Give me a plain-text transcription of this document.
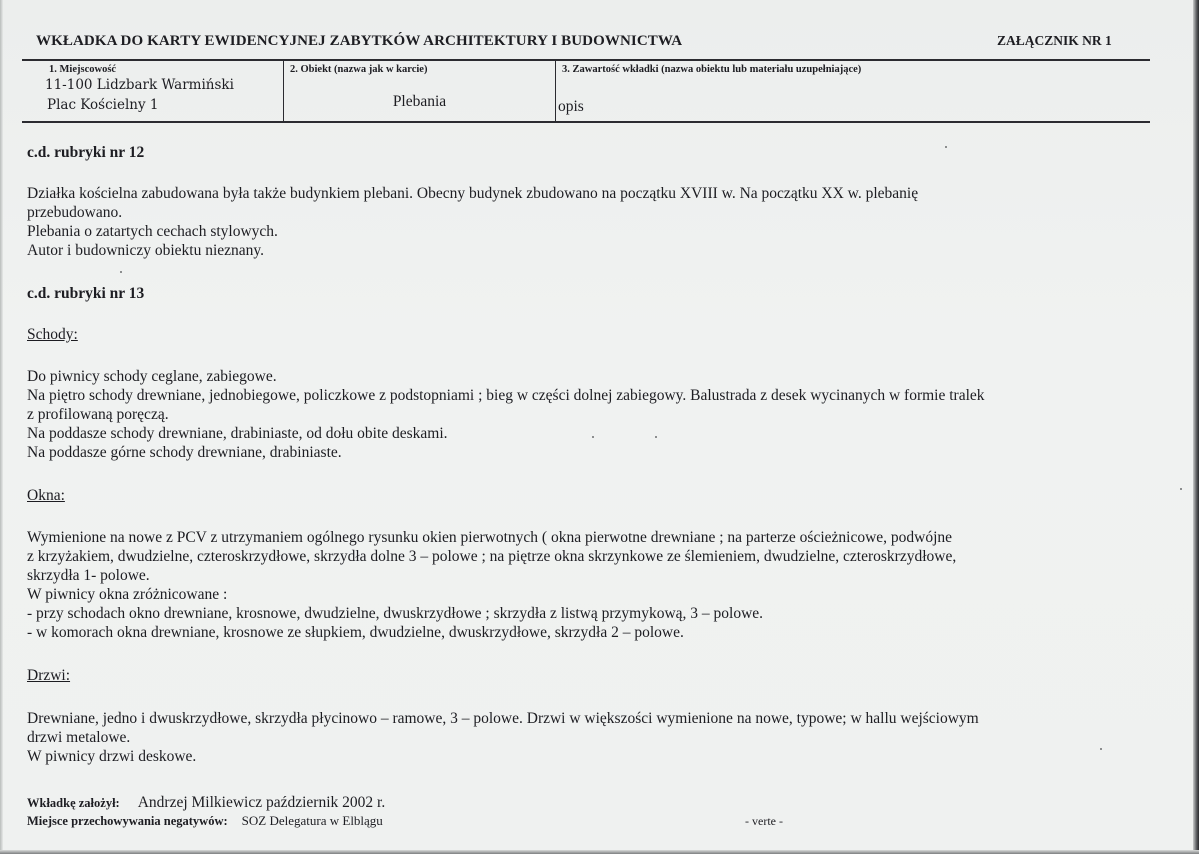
WKŁADKA DO KARTY EWIDENCYJNEJ ZABYTKÓW ARCHITEKTURY I BUDOWNICTWA	ZAŁĄCZNIK NR 1
1. Miejscowość
11-100 Lidzbark Warmiński
Plac Kościelny 1
2. Obiekt (nazwa jak w karcie)
Plebania
3. Zawartość wkładki (nazwa obiektu lub materiału uzupełniające)
opis
c.d. rubryki nr 12
Działka kościelna zabudowana była także budynkiem plebani. Obecny budynek zbudowano na początku XVIII w. Na początku XX w. plebanię
przebudowano.
Plebania o zatartych cechach stylowych.
Autor i budowniczy obiektu nieznany.
c.d. rubryki nr 13
Schody:
Do piwnicy schody ceglane, zabiegowe.
Na piętro schody drewniane, jednobiegowe, policzkowe z podstopniami ; bieg w części dolnej zabiegowy. Balustrada z desek wycinanych w formie tralek
z profilowaną poręczą.
Na poddasze schody drewniane, drabiniaste, od dołu obite deskami.
Na poddasze górne schody drewniane, drabiniaste.
Okna:
Wymienione na nowe z PCV z utrzymaniem ogólnego rysunku okien pierwotnych ( okna pierwotne drewniane ; na parterze ościeżnicowe, podwójne
z krzyżakiem, dwudzielne, czteroskrzydłowe, skrzydła dolne 3 – polowe ; na piętrze okna skrzynkowe ze ślemieniem, dwudzielne, czteroskrzydłowe,
skrzydła 1- polowe.
W piwnicy okna zróżnicowane :
- przy schodach okno drewniane, krosnowe, dwudzielne, dwuskrzydłowe ; skrzydła z listwą przymykową, 3 – polowe.
- w komorach okna drewniane, krosnowe ze słupkiem, dwudzielne, dwuskrzydłowe, skrzydła 2 – polowe.
Drzwi:
Drewniane, jedno i dwuskrzydłowe, skrzydła płycinowo – ramowe, 3 – polowe. Drzwi w większości wymienione na nowe, typowe; w hallu wejściowym
drzwi metalowe.
W piwnicy drzwi deskowe.
Wkładkę założył: Andrzej Milkiewicz październik 2002 r.
Miejsce przechowywania negatywów: SOZ Delegatura w Elblągu	- verte -
